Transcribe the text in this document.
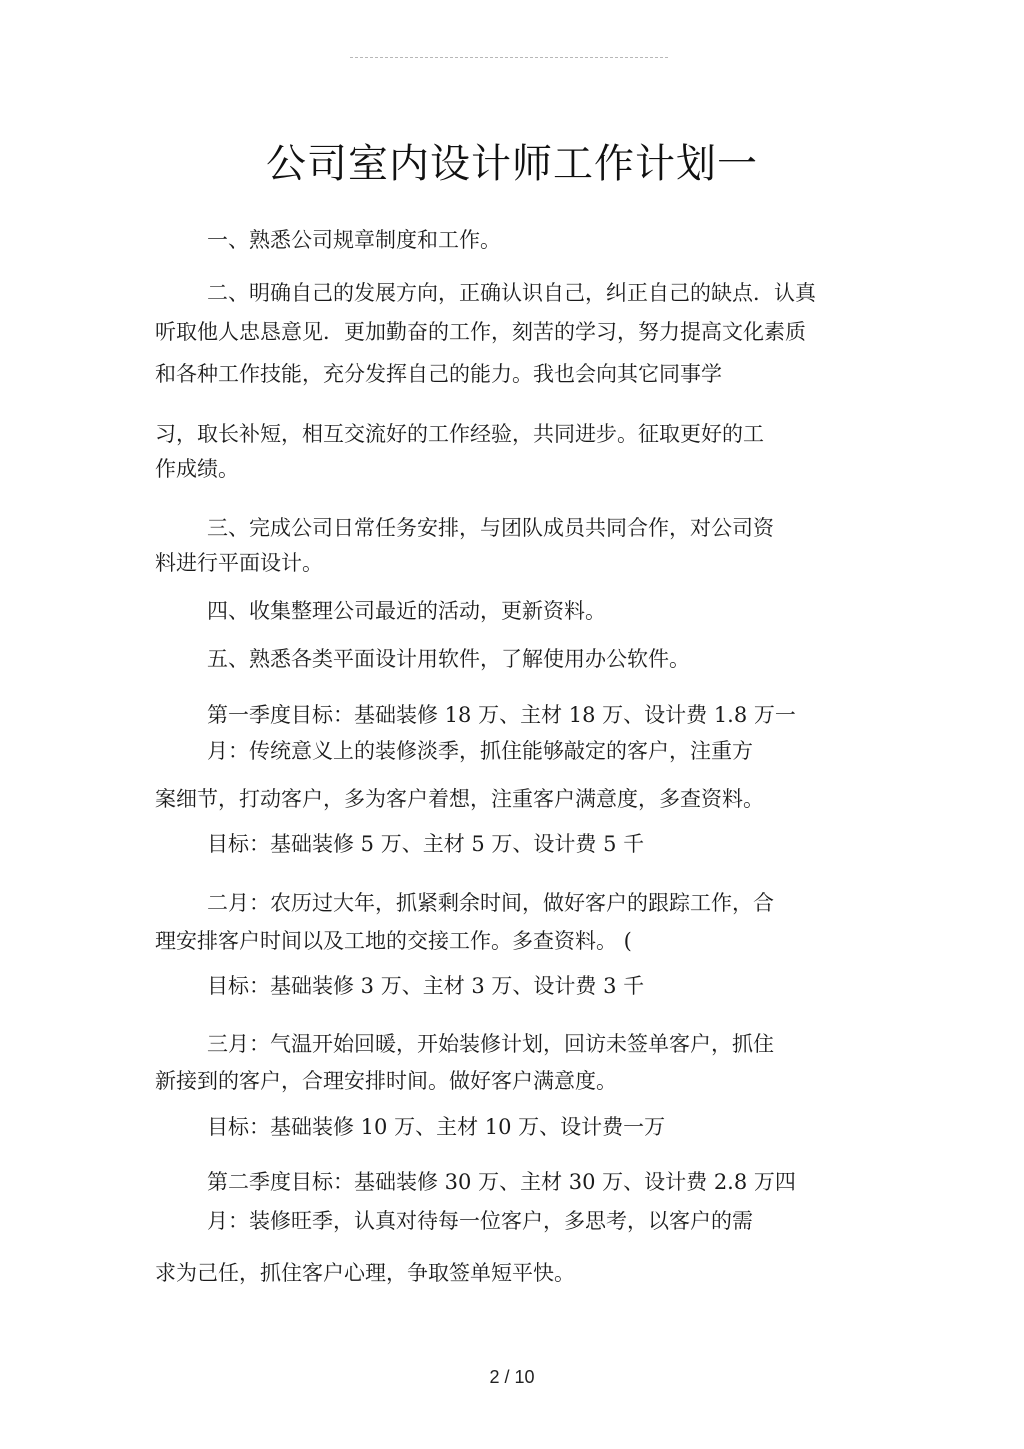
公司室内设计师工作计划一
一、熟悉公司规章制度和工作。
二、明确自己的发展方向，正确认识自己，纠正自己的缺点．认真
听取他人忠恳意见．更加勤奋的工作，刻苦的学习，努力提高文化素质
和各种工作技能，充分发挥自己的能力。我也会向其它同事学
习，取长补短，相互交流好的工作经验，共同进步。征取更好的工
作成绩。
三、完成公司日常任务安排，与团队成员共同合作，对公司资
料进行平面设计。
四、收集整理公司最近的活动，更新资料。
五、熟悉各类平面设计用软件，了解使用办公软件。
第一季度目标：基础装修 18 万、主材 18 万、设计费 1.8 万一
月：传统意义上的装修淡季，抓住能够敲定的客户，注重方
案细节，打动客户，多为客户着想，注重客户满意度，多查资料。
目标：基础装修 5 万、主材 5 万、设计费 5 千
二月：农历过大年，抓紧剩余时间，做好客户的跟踪工作，合
理安排客户时间以及工地的交接工作。多查资料。 (
目标：基础装修 3 万、主材 3 万、设计费 3 千
三月：气温开始回暖，开始装修计划，回访未签单客户，抓住
新接到的客户，合理安排时间。做好客户满意度。
目标：基础装修 10 万、主材 10 万、设计费一万
第二季度目标：基础装修 30 万、主材 30 万、设计费 2.8 万四
月：装修旺季，认真对待每一位客户，多思考，以客户的需
求为己任，抓住客户心理，争取签单短平快。
2 / 10
